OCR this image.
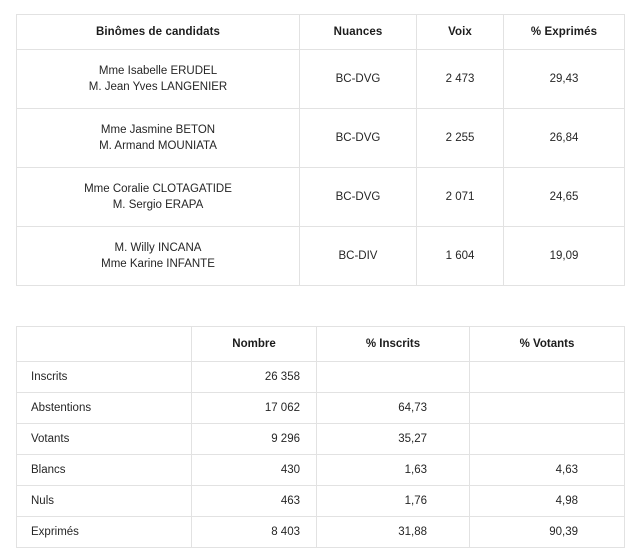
Binômes de candidats	Nuances	Voix	% Exprimés

Mme Isabelle ERUDEL
M. Jean Yves LANGENIER	BC-DVG	2 473	29,43

Mme Jasmine BETON
M. Armand MOUNIATA	BC-DVG	2 255	26,84

Mme Coralie CLOTAGATIDE
M. Sergio ERAPA	BC-DVG	2 071	24,65

M. Willy INCANA
Mme Karine INFANTE	BC-DIV	1 604	19,09
	Nombre	% Inscrits	% Votants
Inscrits	26 358		
Abstentions	17 062	64,73	
Votants	9 296	35,27	
Blancs	430	1,63	4,63
Nuls	463	1,76	4,98
Exprimés	8 403	31,88	90,39
